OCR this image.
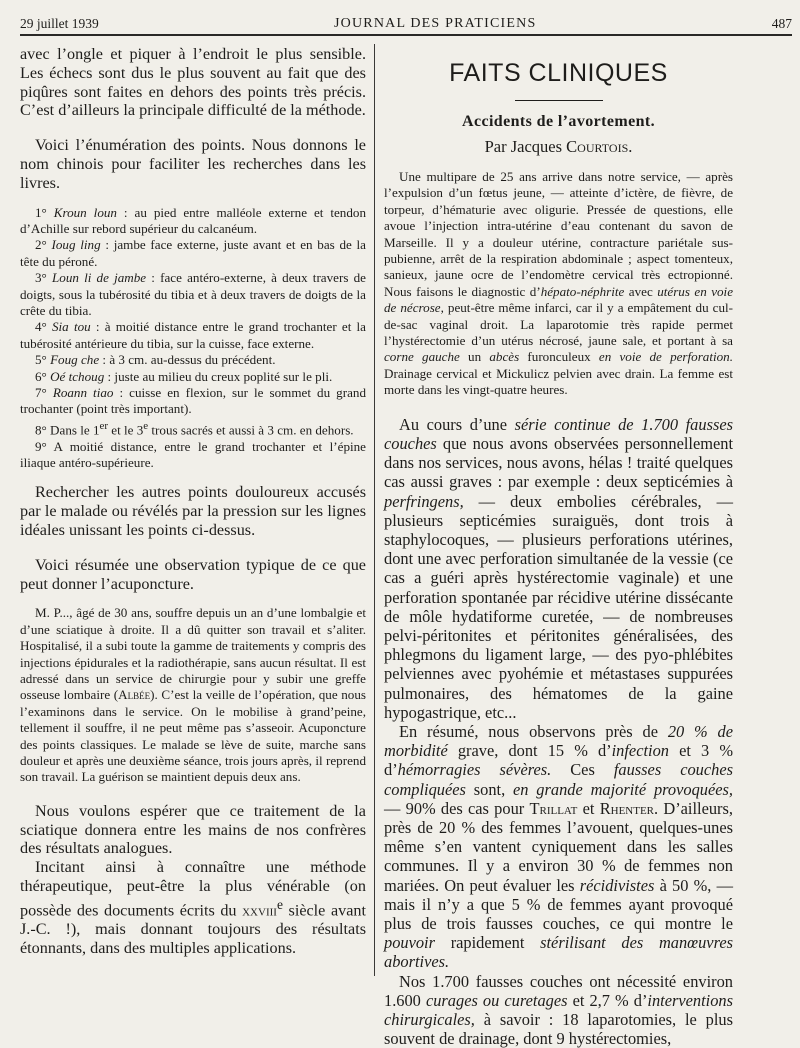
29 juillet 1939	JOURNAL DES PRATICIENS	487

avec l’ongle et piquer à l’endroit le plus sensible. Les échecs sont dus le plus souvent au fait que des piqûres sont faites en dehors des points très précis. C’est d’ailleurs la principale difficulté de la méthode.

Voici l’énumération des points. Nous donnons le nom chinois pour faciliter les recherches dans les livres.

1° Kroun loun : au pied entre malléole externe et tendon d’Achille sur rebord supérieur du calcanéum.

2° Ioug ling : jambe face externe, juste avant et en bas de la tête du péroné.

3° Loun li de jambe : face antéro-externe, à deux travers de doigts, sous la tubérosité du tibia et à deux travers de doigts de la crête du tibia.

4° Sia tou : à moitié distance entre le grand trochanter et la tubérosité antérieure du tibia, sur la cuisse, face externe.

5° Foug che : à 3 cm. au-dessus du précédent.

6° Oé tchoug : juste au milieu du creux poplité sur le pli.

7° Roann tiao : cuisse en flexion, sur le sommet du grand trochanter (point très important).

8° Dans le 1er et le 3e trous sacrés et aussi à 3 cm. en dehors.

9° A moitié distance, entre le grand trochanter et l’épine iliaque antéro-supérieure.

Rechercher les autres points douloureux accusés par le malade ou révélés par la pression sur les lignes idéales unissant les points ci-dessus.

Voici résumée une observation typique de ce que peut donner l’acuponcture.

M. P..., âgé de 30 ans, souffre depuis un an d’une lombalgie et d’une sciatique à droite. Il a dû quitter son travail et s’aliter. Hospitalisé, il a subi toute la gamme de traitements y compris des injections épidurales et la radiothérapie, sans aucun résultat. Il est adressé dans un service de chirurgie pour y subir une greffe osseuse lombaire (Albée). C’est la veille de l’opération, que nous l’examinons dans le service. On le mobilise à grand’peine, tellement il souffre, il ne peut même pas s’asseoir. Acuponcture des points classiques. Le malade se lève de suite, marche sans douleur et après une deuxième séance, trois jours après, il reprend son travail. La guérison se maintient depuis deux ans.

Nous voulons espérer que ce traitement de la sciatique donnera entre les mains de nos confrères des résultats analogues.

Incitant ainsi à connaître une méthode thérapeutique, peut-être la plus vénérable (on possède des documents écrits du xxviii$^e$ siècle avant J.-C. !), mais donnant toujours des résultats étonnants, dans des multiples applications.

FAITS CLINIQUES
Accidents de l’avortement.
Par Jacques Courtois.

Une multipare de 25 ans arrive dans notre service, — après l’expulsion d’un fœtus jeune, — atteinte d’ictère, de fièvre, de torpeur, d’hématurie avec oligurie. Pressée de questions, elle avoue l’injection intra-utérine d’eau contenant du savon de Marseille. Il y a douleur utérine, contracture pariétale sus-pubienne, arrêt de la respiration abdominale ; aspect tomenteux, sanieux, jaune ocre de l’endomètre cervical très ectropionné. Nous faisons le diagnostic d’hépato-néphrite avec utérus en voie de nécrose, peut-être même infarci, car il y a empâtement du cul-de-sac vaginal droit. La laparotomie très rapide permet l’hystérectomie d’un utérus nécrosé, jaune sale, et portant à sa corne gauche un abcès furonculeux en voie de perforation. Drainage cervical et Mickulicz pelvien avec drain. La femme est morte dans les vingt-quatre heures.

Au cours d’une série continue de 1.700 fausses couches que nous avons observées personnellement dans nos services, nous avons, hélas ! traité quelques cas aussi graves : par exemple : deux septicémies à perfringens, — deux embolies cérébrales, — plusieurs septicémies suraiguës, dont trois à staphylocoques, — plusieurs perforations utérines, dont une avec perforation simultanée de la vessie (ce cas a guéri après hystérectomie vaginale) et une perforation spontanée par récidive utérine dissécante de môle hydatiforme curetée, — de nombreuses pelvi-péritonites et péritonites généralisées, des phlegmons du ligament large, — des pyo-phlébites pelviennes avec pyohémie et métastases suppurées pulmonaires, des hématomes de la gaine hypogastrique, etc...

En résumé, nous observons près de 20 % de morbidité grave, dont 15 % d’infection et 3 % d’hémorragies sévères. Ces fausses couches compliquées sont, en grande majorité provoquées, — 90% des cas pour Trillat et Rhenter. D’ailleurs, près de 20 % des femmes l’avouent, quelques-unes même s’en vantent cyniquement dans les salles communes. Il y a environ 30 % de femmes non mariées. On peut évaluer les récidivistes à 50 %, — mais il n’y a que 5 % de femmes ayant provoqué plus de trois fausses couches, ce qui montre le pouvoir rapidement stérilisant des manœuvres abortives.

Nos 1.700 fausses couches ont nécessité environ 1.600 curages ou curetages et 2,7 % d’interventions chirurgicales, à savoir : 18 laparotomies, le plus souvent de drainage, dont 9 hystérectomies,
